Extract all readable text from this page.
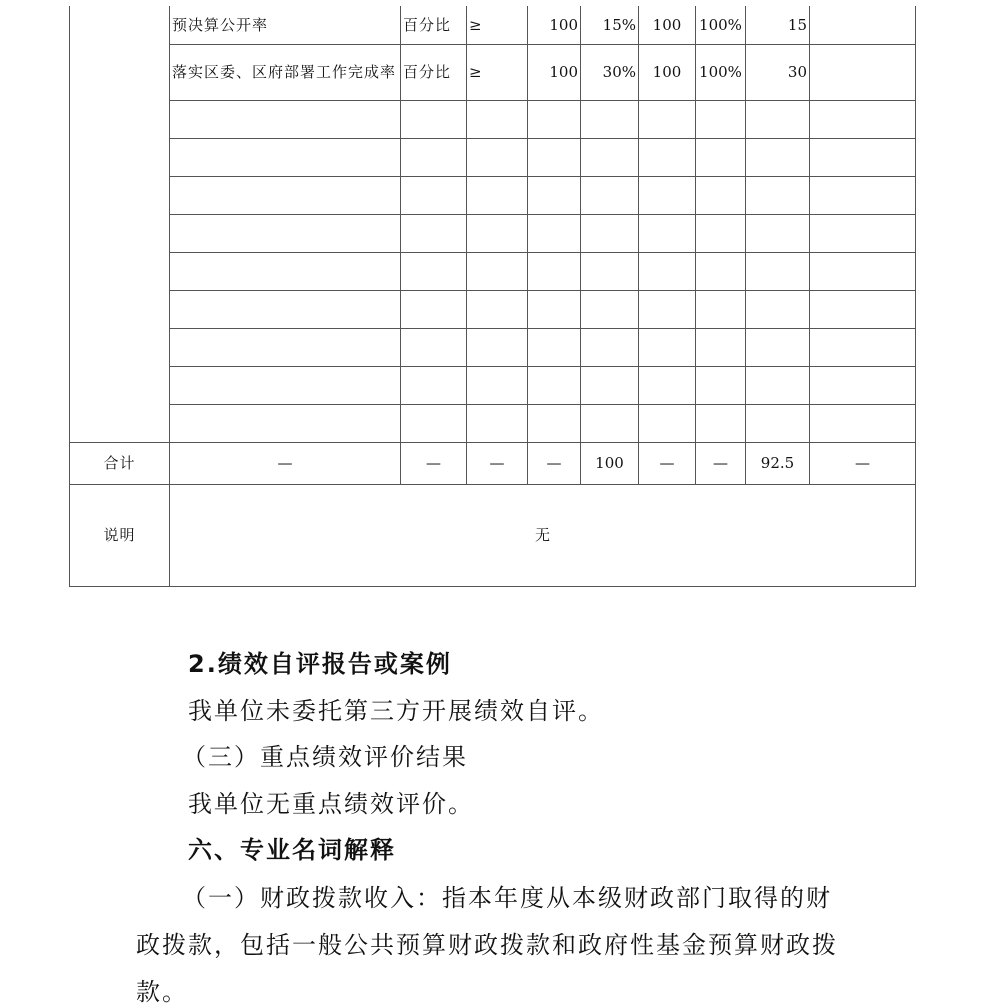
	预决算公开率	百分比	≥	100	15%	100	100%	15	
	落实区委、区府部署工作完成率	百分比	≥	100	30%	100	100%	30	

合计	—	—	—	—	100	—	—	92.5	—
说明	无								

2.绩效自评报告或案例

我单位未委托第三方开展绩效自评。

（三）重点绩效评价结果

我单位无重点绩效评价。

六、专业名词解释

（一）财政拨款收入：指本年度从本级财政部门取得的财

政拨款，包括一般公共预算财政拨款和政府性基金预算财政拨

款。
